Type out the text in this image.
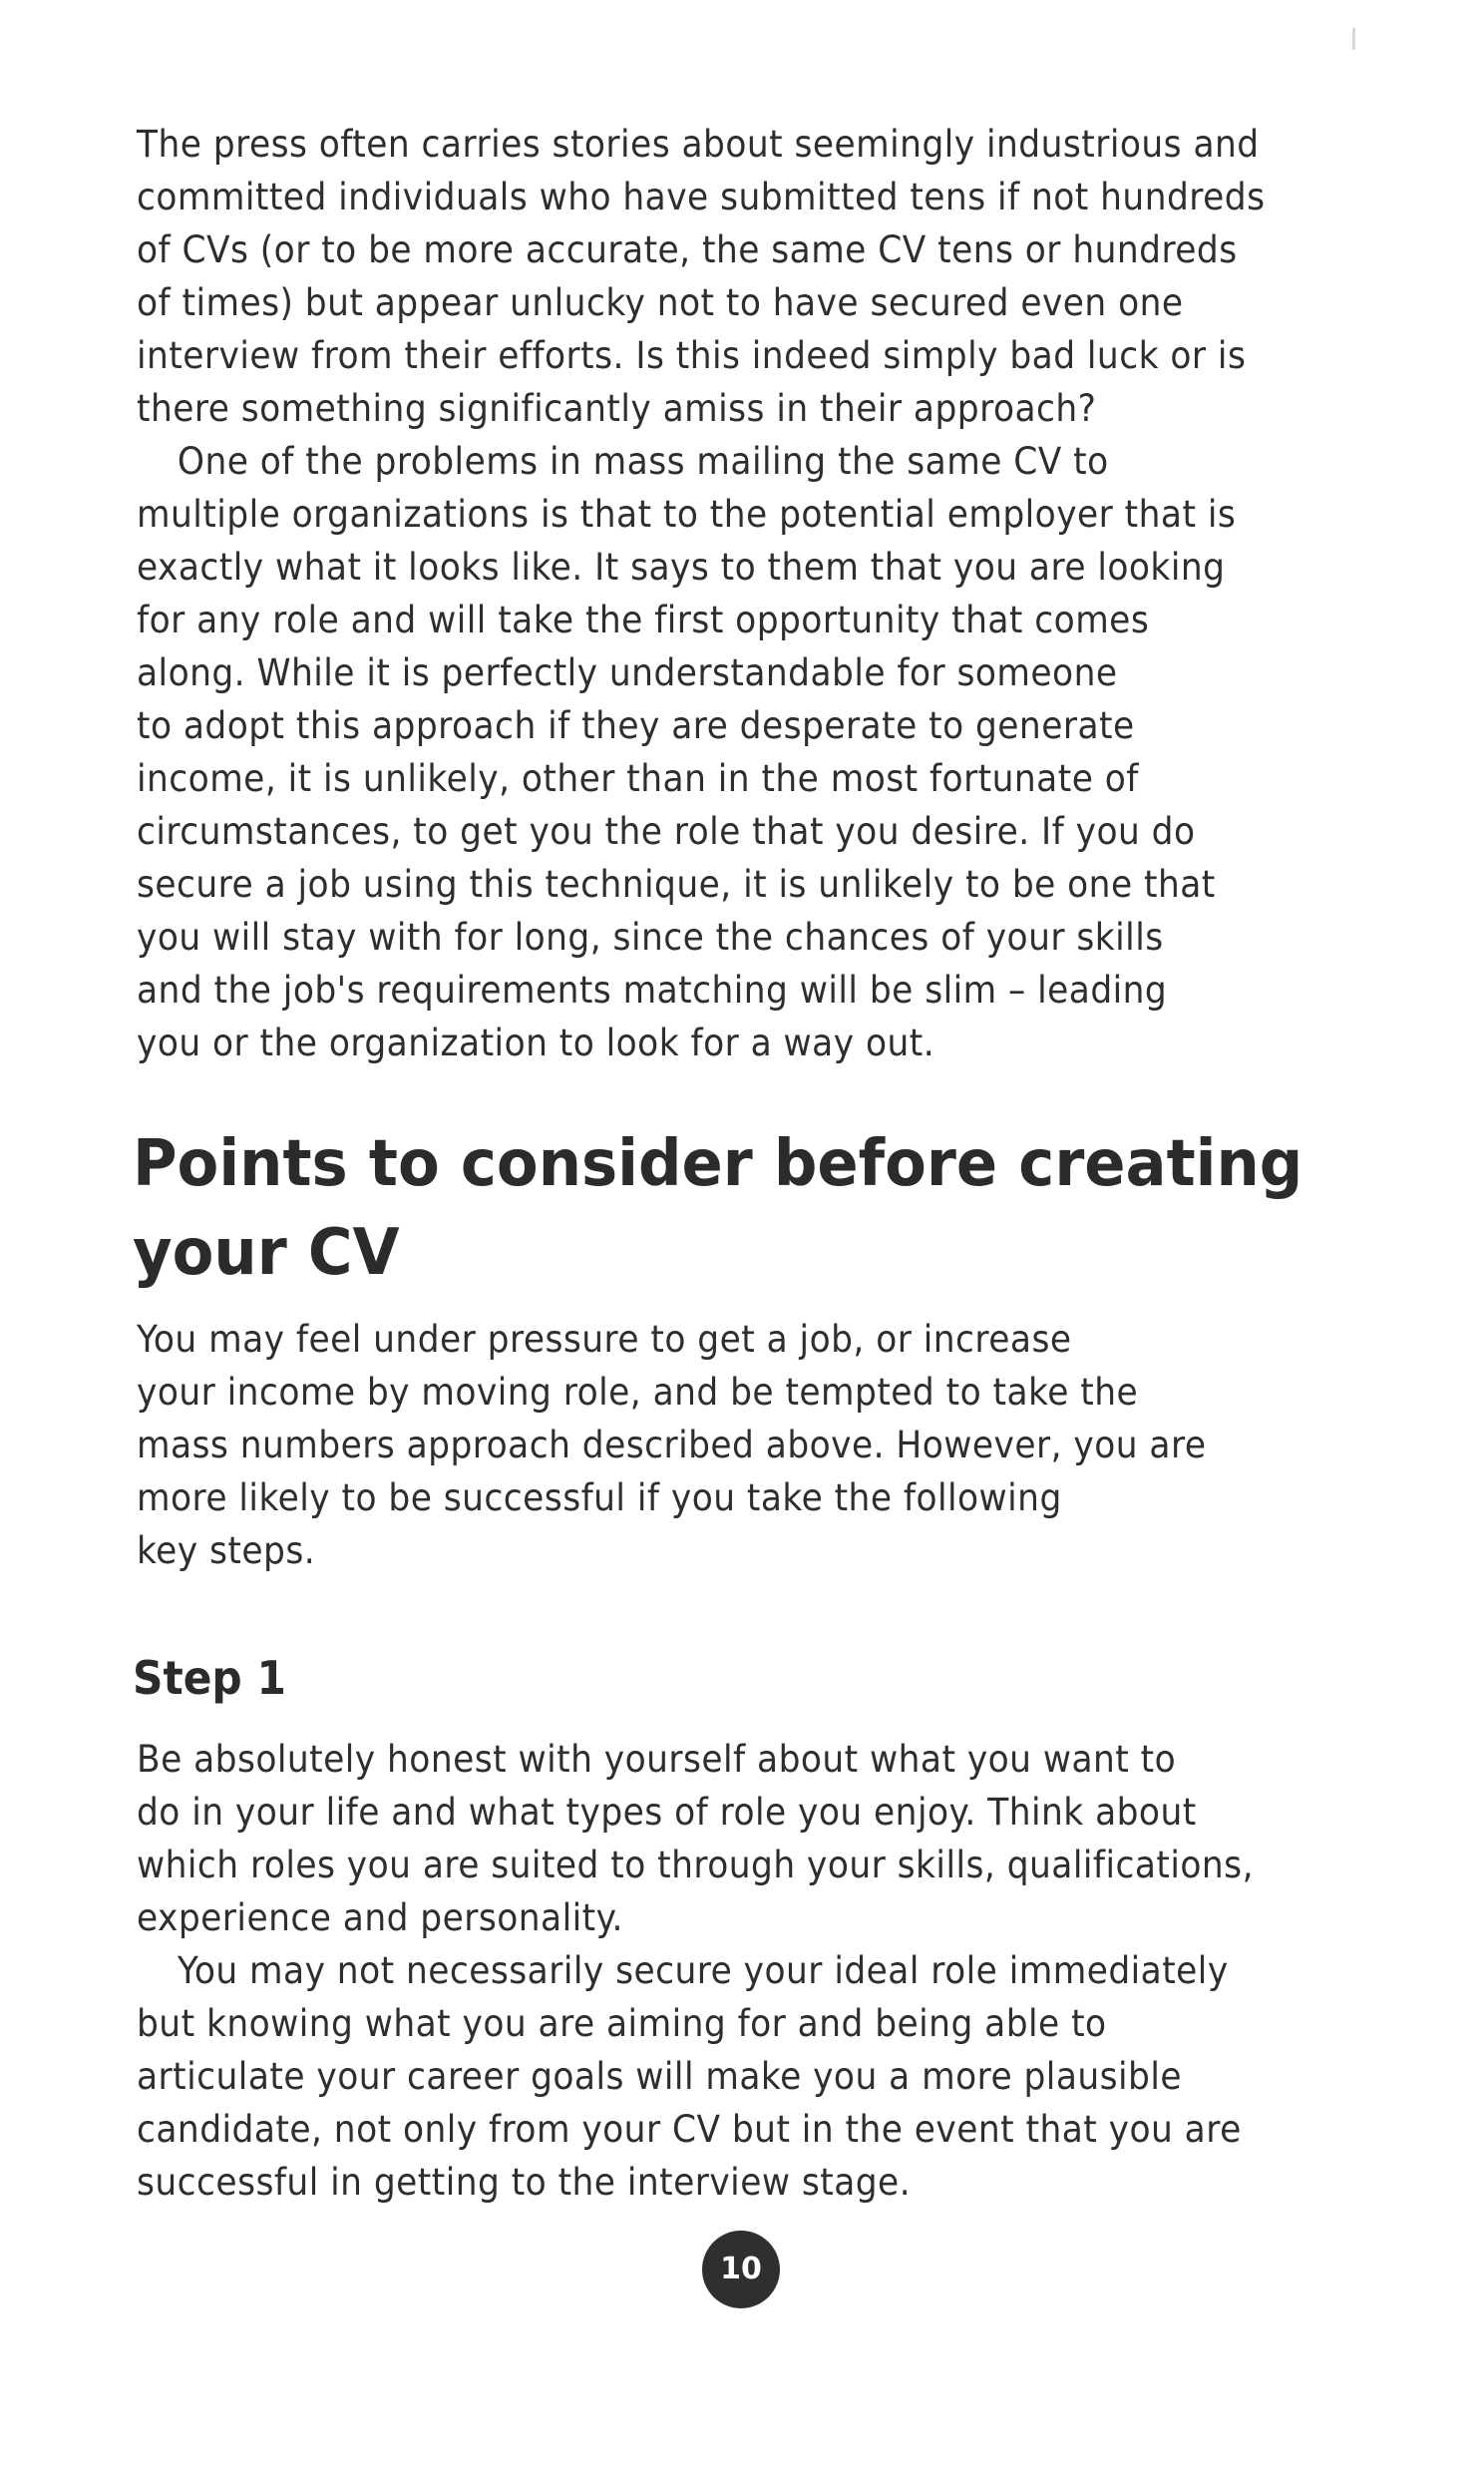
The press often carries stories about seemingly industrious and
committed individuals who have submitted tens if not hundreds
of CVs (or to be more accurate, the same CV tens or hundreds
of times) but appear unlucky not to have secured even one
interview from their efforts. Is this indeed simply bad luck or is
there something significantly amiss in their approach?
One of the problems in mass mailing the same CV to
multiple organizations is that to the potential employer that is
exactly what it looks like. It says to them that you are looking
for any role and will take the first opportunity that comes
along. While it is perfectly understandable for someone
to adopt this approach if they are desperate to generate
income, it is unlikely, other than in the most fortunate of
circumstances, to get you the role that you desire. If you do
secure a job using this technique, it is unlikely to be one that
you will stay with for long, since the chances of your skills
and the job's requirements matching will be slim – leading
you or the organization to look for a way out.
Points to consider before creating
your CV
You may feel under pressure to get a job, or increase
your income by moving role, and be tempted to take the
mass numbers approach described above. However, you are
more likely to be successful if you take the following
key steps.
Step 1
Be absolutely honest with yourself about what you want to
do in your life and what types of role you enjoy. Think about
which roles you are suited to through your skills, qualifications,
experience and personality.
You may not necessarily secure your ideal role immediately
but knowing what you are aiming for and being able to
articulate your career goals will make you a more plausible
candidate, not only from your CV but in the event that you are
successful in getting to the interview stage.
10
